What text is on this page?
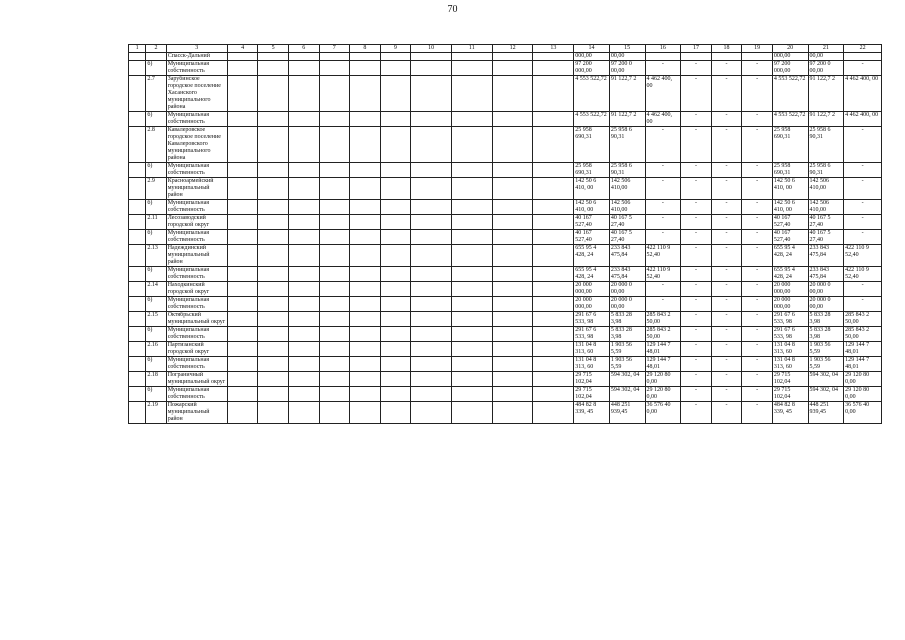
70
1	2	3	4	5	6	7	8	9	10	11	12	13	14	15	16	17	18	19	20	21	22
		Спасск-Дальний											000,00	00,00					000,00	00,00	
	б)	Муниципальная собственность											97 200 000,00	97 200 0 00,00	-	-	-	-	97 200 000,00	97 200 0 00,00	-
	2.7	Зарубинское городское поселение Хасанского муниципального района											4 553 522,72	91 122,7 2	4 462 400, 00	-	-	-	4 553 522,72	91 122,7 2	4 462 400, 00
	б)	Муниципальная собственность											4 553 522,72	91 122,7 2	4 462 400, 00	-	-	-	4 553 522,72	91 122,7 2	4 462 400, 00
	2.8	Кавалеровское городское поселение Кавалеровского муниципального района											25 958 690,31	25 958 6 90,31	-	-	-	-	25 958 690,31	25 958 6 90,31	-
	б)	Муниципальная собственность											25 958 690,31	25 958 6 90,31	-	-	-	-	25 958 690,31	25 958 6 90,31	-
	2.9	Красноармейский муниципальный район											142 50 6 410, 00	142 506 410,00	-	-	-	-	142 50 6 410, 00	142 506 410,00	-
	б)	Муниципальная собственность											142 50 6 410, 00	142 506 410,00	-	-	-	-	142 50 6 410, 00	142 506 410,00	-
	2.11	Лесозаводский городской округ											40 167 527,40	40 167 5 27,40	-	-	-	-	40 167 527,40	40 167 5 27,40	-
	б)	Муниципальная собственность											40 167 527,40	40 167 5 27,40	-	-	-	-	40 167 527,40	40 167 5 27,40	-
	2.13	Надеждинский муниципальный район											655 95 4 428, 24	233 843 475,84	422 110 9 52,40	-	-	-	655 95 4 428, 24	233 843 475,84	422 110 9 52,40
	б)	Муниципальная собственность											655 95 4 428, 24	233 843 475,84	422 110 9 52,40	-	-	-	655 95 4 428, 24	233 843 475,84	422 110 9 52,40
	2.14	Находкинский городской округ											20 000 000,00	20 000 0 00,00	-	-	-	-	20 000 000,00	20 000 0 00,00	-
	б)	Муниципальная собственность											20 000 000,00	20 000 0 00,00	-	-	-	-	20 000 000,00	20 000 0 00,00	-
	2.15	Октябрьский муниципальный округ											291 67 6 533, 98	5 833 28 3,98	285 843 2 50,00	-	-	-	291 67 6 533, 98	5 833 28 3,98	285 843 2 50,00
	б)	Муниципальная собственность											291 67 6 533, 98	5 833 28 3,98	285 843 2 50,00	-	-	-	291 67 6 533, 98	5 833 28 3,98	285 843 2 50,00
	2.16	Партизанский городской округ											131 04 8 313, 60	1 903 56 5,59	129 144 7 48,01	-	-	-	131 04 8 313, 60	1 903 56 5,59	129 144 7 48,01
	б)	Муниципальная собственность											131 04 8 313, 60	1 903 56 5,59	129 144 7 48,01	-	-	-	131 04 8 313, 60	1 903 56 5,59	129 144 7 48,01
	2.18	Пограничный муниципальный округ											29 715 102,04	594 302, 04	29 120 80 0,00	-	-	-	29 715 102,04	594 302, 04	29 120 80 0,00
	б)	Муниципальная собственность											29 715 102,04	594 302, 04	29 120 80 0,00	-	-	-	29 715 102,04	594 302, 04	29 120 80 0,00
	2.19	Пожарский муниципальный район											484 82 8 339, 45	448 251 939,45	36 576 40 0,00	-	-	-	484 82 8 339, 45	448 251 939,45	36 576 40 0,00
